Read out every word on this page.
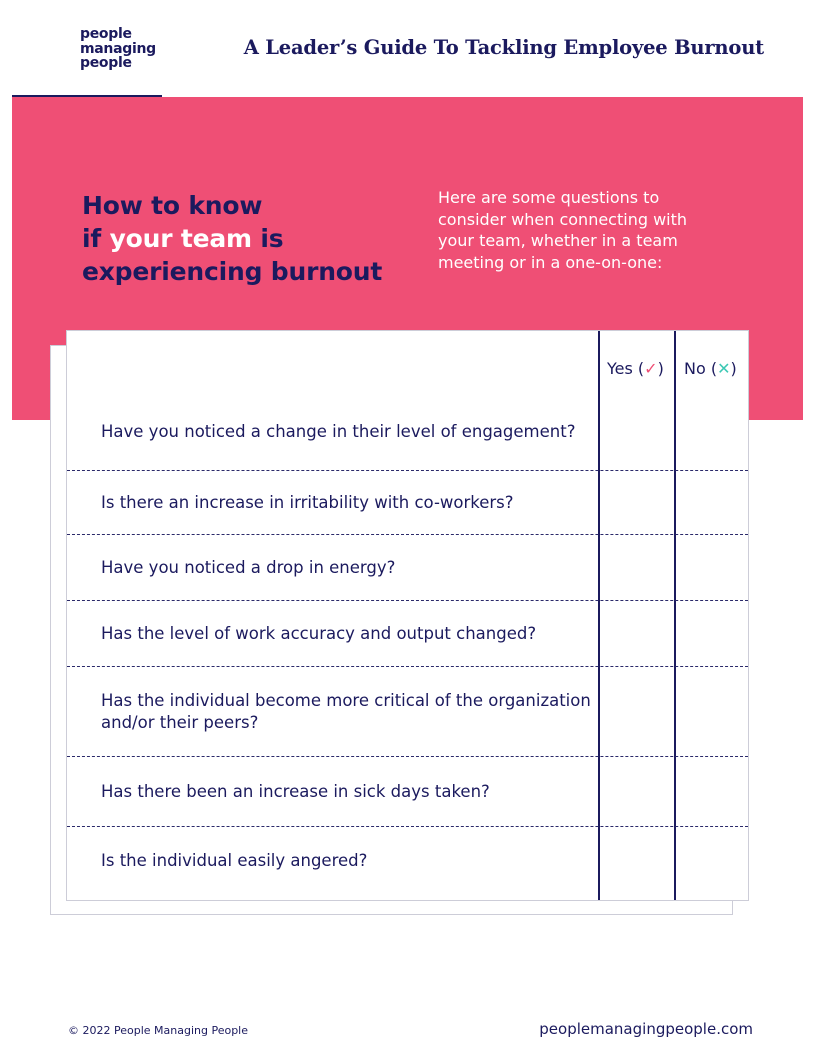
people
managing
people
A Leader’s Guide To Tackling Employee Burnout
How to know
if your team is
experiencing burnout
Here are some questions to
consider when connecting with
your team, whether in a team
meeting or in a one-on-one:
Yes (✓) No (✕)
Have you noticed a change in their level of engagement?
Is there an increase in irritability with co-workers?
Have you noticed a drop in energy?
Has the level of work accuracy and output changed?
Has the individual become more critical of the organization and/or their peers?
Has there been an increase in sick days taken?
Is the individual easily angered?
© 2022 People Managing People	peoplemanagingpeople.com
